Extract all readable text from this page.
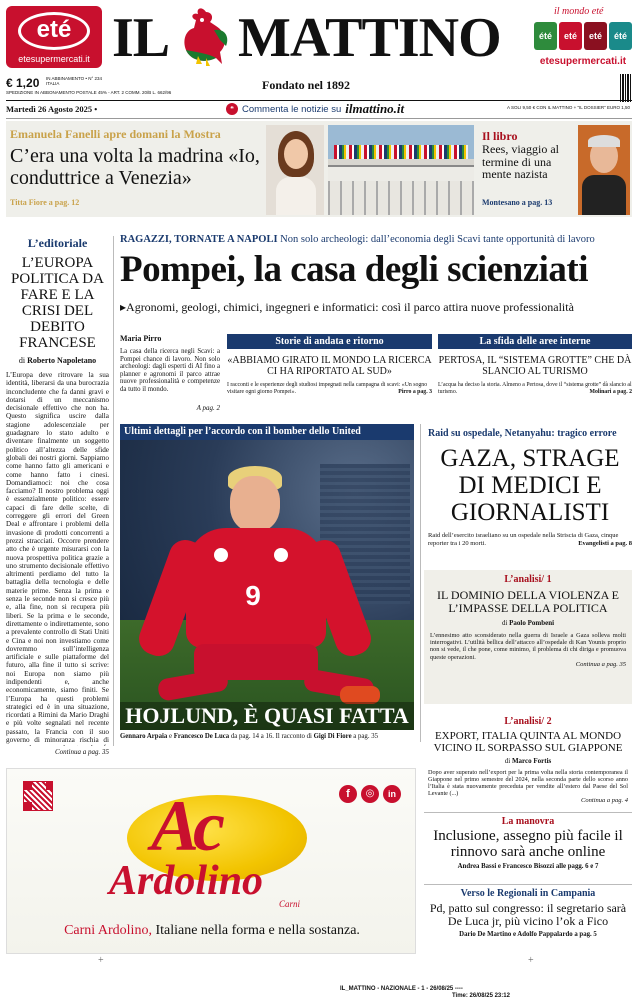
eté
etesupermercati.it IL MATTINO	il mondo eté
été	eté	eté	été
etesupermercati.it
€ 1,20 IN ABBINAMENTO • N° 234 ITALIA
SPEDIZIONE IN ABBONAMENTO POSTALE 45% - ART. 2 COMM. 20/B L. 662/96
Fondato nel 1892
A SOLI 9,50 € CON IL MATTINO + "IL DOSSIER" EURO 1,50
Martedì 26 Agosto 2025 •	❝ Commenta le notizie su ilmattino.it
Emanuela Fanelli apre domani la Mostra
C’era una volta la madrina «Io, conduttrice a Venezia»
Titta Fiore a pag. 12
Il libro
Rees, viaggio al termine di una mente nazista
Montesano a pag. 13
L’editoriale
L’EUROPA POLITICA DA FARE E LA CRISI DEL DEBITO FRANCESE
di Roberto Napoletano
L’Europa deve ritrovare la sua identità, liberarsi da una burocrazia inconcludente che fa danni gravi e dotarsi di un meccanismo decisionale effettivo che non ha. Questo significa uscire dalla stagione adolescenziale per guadagnare lo stato adulto e diventare finalmente un soggetto politico all’altezza delle sfide globali dei nostri giorni. Sappiamo come hanno fatto gli americani e come hanno fatto i cinesi. Domandiamoci: noi che cosa facciamo? Il nostro problema oggi è essenzialmente politico: essere capaci di fare delle scelte, di correggere gli errori del Green Deal e affrontare i problemi della invasione di prodotti concorrenti a prezzi stracciati. Occorre prendere atto che è urgente misurarsi con la nuova prospettiva politica grazie a uno strumento decisionale effettivo altrimenti perdiamo del tutto la battaglia della tecnologia e delle materie prime. Senza la prima e senza le seconde non si cresce più e, alla fine, non si recupera più liberi. Se la prima e le seconde, direttamente o indirettamente, sono a prevalente controllo di Stati Uniti e Cina e noi non investiamo come dovremmo sull’intelligenza artificiale e sulle piattaforme del futuro, alla fine il tutto si scrive: noi Europa non siamo più indipendenti e, anche economicamente, siamo finiti. Se l’Europa ha questi problemi strategici ed è in una situazione, ricordati a Rimini da Mario Draghi e più volte segnalati nel recente passato, la Francia con il suo governo di minoranza rischia di
Continua a pag. 35
RAGAZZI, TORNATE A NAPOLI Non solo archeologi: dall’economia degli Scavi tante opportunità di lavoro
Pompei, la casa degli scienziati
▸Agronomi, geologi, chimici, ingegneri e informatici: così il parco attira nuove professionalità
Maria Pirro
La casa della ricerca negli Scavi: a Pompei chance di lavoro. Non solo archeologi: dagli esperti di AI fino a planner e agronomi il parco attrae nuove professionalità e competenze da tutto il mondo.
A pag. 2
Storie di andata e ritorno
«ABBIAMO GIRATO IL MONDO LA RICERCA CI HA RIPORTATO AL SUD»
I racconti e le esperienze degli studiosi impegnati nella campagna di scavi: «Un sogno visitare ogni giorno Pompei».	Pirro a pag. 3
La sfida delle aree interne
PERTOSA, IL “SISTEMA GROTTE” CHE DÀ SLANCIO AL TURISMO
L’acqua ha deciso la storia. Almeno a Pertosa, dove il “sistema grotte” dà slancio al turismo.	Molinari a pag. 2
Ultimi dettagli per l’accordo con il bomber dello United
9
HOJLUND, È QUASI FATTA
Gennaro Arpaia e Francesco De Luca da pag. 14 a 16. Il racconto di Gigi Di Fiore a pag. 35
Raid su ospedale, Netanyahu: tragico errore
GAZA, STRAGE DI MEDICI E GIORNALISTI
Raid dell’esercito israeliano su un ospedale nella Striscia di Gaza, cinque reporter tra i 20 morti.	Evangelisti a pag. 8
L’analisi/ 1
IL DOMINIO DELLA VIOLENZA E L’IMPASSE DELLA POLITICA
di Paolo Pombeni
L’ennesimo atto sconsiderato nella guerra di Israele a Gaza solleva molti interrogativi. L’utilità bellica dell’attacco all’ospedale di Kan Younis proprio non si vede, il che pone, come minimo, il problema di chi diriga e promuova queste operazioni.
Continua a pag. 35
L’analisi/ 2
EXPORT, ITALIA QUINTA AL MONDO VICINO IL SORPASSO SUL GIAPPONE
di Marco Fortis
Dopo aver superato nell’export per la prima volta nella storia contemporanea il Giappone nel primo semestre del 2024, nella seconda parte dello scorso anno l’Italia è stata nuovamente preceduta per vendite all’estero dal Paese del Sol Levante (...)
Continua a pag. 4
La manovra
Inclusione, assegno più facile il rinnovo sarà anche online
Andrea Bassi e Francesco Bisozzi alle pagg. 6 e 7
Verso le Regionali in Campania
Pd, patto sul congresso: il segretario sarà De Luca jr, più vicino l’ok a Fico
Dario De Martino e Adolfo Pappalardo a pag. 5
f	◎	in
Ac
Ardolino Carni
Carni Ardolino, Italiane nella forma e nella sostanza.
+	+
IL_MATTINO - NAZIONALE - 1 - 26/08/25 ----
Time: 26/08/25 23:12
